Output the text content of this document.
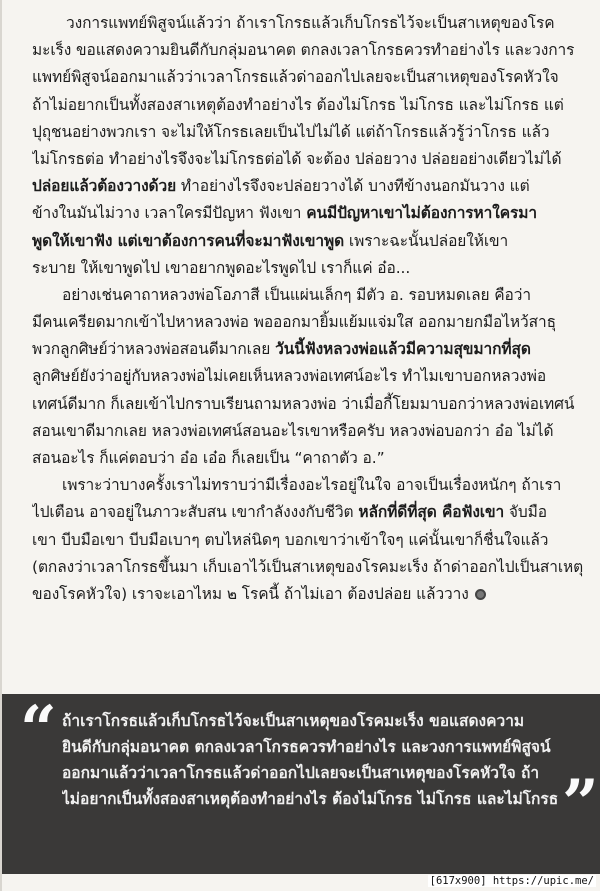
วงการแพทย์พิสูจน์แล้วว่า ถ้าเราโกรธแล้วเก็บโกรธไว้จะเป็นสาเหตุของโรค
มะเร็ง ขอแสดงความยินดีกับกลุ่มอนาคต ตกลงเวลาโกรธควรทำอย่างไร และวงการ
แพทย์พิสูจน์ออกมาแล้วว่าเวลาโกรธแล้วด่าออกไปเลยจะเป็นสาเหตุของโรคหัวใจ
ถ้าไม่อยากเป็นทั้งสองสาเหตุต้องทำอย่างไร ต้องไม่โกรธ ไม่โกรธ และไม่โกรธ แต่
ปุถุชนอย่างพวกเรา จะไม่ให้โกรธเลยเป็นไปไม่ได้ แต่ถ้าโกรธแล้วรู้ว่าโกรธ แล้ว
ไม่โกรธต่อ ทำอย่างไรจึงจะไม่โกรธต่อได้ จะต้อง ปล่อยวาง ปล่อยอย่างเดียวไม่ได้
ปล่อยแล้วต้องวางด้วย ทำอย่างไรจึงจะปล่อยวางได้ บางทีข้างนอกมันวาง แต่
ข้างในมันไม่วาง เวลาใครมีปัญหา ฟังเขา คนมีปัญหาเขาไม่ต้องการหาใครมา
พูดให้เขาฟัง แต่เขาต้องการคนที่จะมาฟังเขาพูด เพราะฉะนั้นปล่อยให้เขา
ระบาย ให้เขาพูดไป เขาอยากพูดอะไรพูดไป เราก็แค่ อ๋อ...
อย่างเช่นคาถาหลวงพ่อโอภาสี เป็นแผ่นเล็กๆ มีตัว อ. รอบหมดเลย คือว่า
มีคนเครียดมากเข้าไปหาหลวงพ่อ พอออกมายิ้มแย้มแจ่มใส ออกมายกมือไหว้สาธุ
พวกลูกศิษย์ว่าหลวงพ่อสอนดีมากเลย วันนี้ฟังหลวงพ่อแล้วมีความสุขมากที่สุด
ลูกศิษย์ยังว่าอยู่กับหลวงพ่อไม่เคยเห็นหลวงพ่อเทศน์อะไร ทำไมเขาบอกหลวงพ่อ
เทศน์ดีมาก ก็เลยเข้าไปกราบเรียนถามหลวงพ่อ ว่าเมื่อกี้โยมมาบอกว่าหลวงพ่อเทศน์
สอนเขาดีมากเลย หลวงพ่อเทศน์สอนอะไรเขาหรือครับ หลวงพ่อบอกว่า อ๋อ ไม่ได้
สอนอะไร ก็แค่ตอบว่า อ๋อ เอ๋อ ก็เลยเป็น “คาถาตัว อ.”
เพราะว่าบางครั้งเราไม่ทราบว่ามีเรื่องอะไรอยู่ในใจ อาจเป็นเรื่องหนักๆ ถ้าเรา
ไปเตือน อาจอยู่ในภาวะสับสน เขากำลังงงกับชีวิต หลักที่ดีที่สุด คือฟังเขา จับมือ
เขา บีบมือเขา บีบมือเบาๆ ตบไหล่นิดๆ บอกเขาว่าเข้าใจๆ แค่นั้นเขาก็ชื่นใจแล้ว
(ตกลงว่าเวลาโกรธขึ้นมา เก็บเอาไว้เป็นสาเหตุของโรคมะเร็ง ถ้าด่าออกไปเป็นสาเหตุ
ของโรคหัวใจ) เราจะเอาไหม ๒ โรคนี้ ถ้าไม่เอา ต้องปล่อย แล้ววาง
“ ถ้าเราโกรธแล้วเก็บโกรธไว้จะเป็นสาเหตุของโรคมะเร็ง ขอแสดงความ
ยินดีกับกลุ่มอนาคต ตกลงเวลาโกรธควรทำอย่างไร และวงการแพทย์พิสูจน์
ออกมาแล้วว่าเวลาโกรธแล้วด่าออกไปเลยจะเป็นสาเหตุของโรคหัวใจ ถ้า
ไม่อยากเป็นทั้งสองสาเหตุต้องทำอย่างไร ต้องไม่โกรธ ไม่โกรธ และไม่โกรธ ”
[617x900] https://upic.me/
